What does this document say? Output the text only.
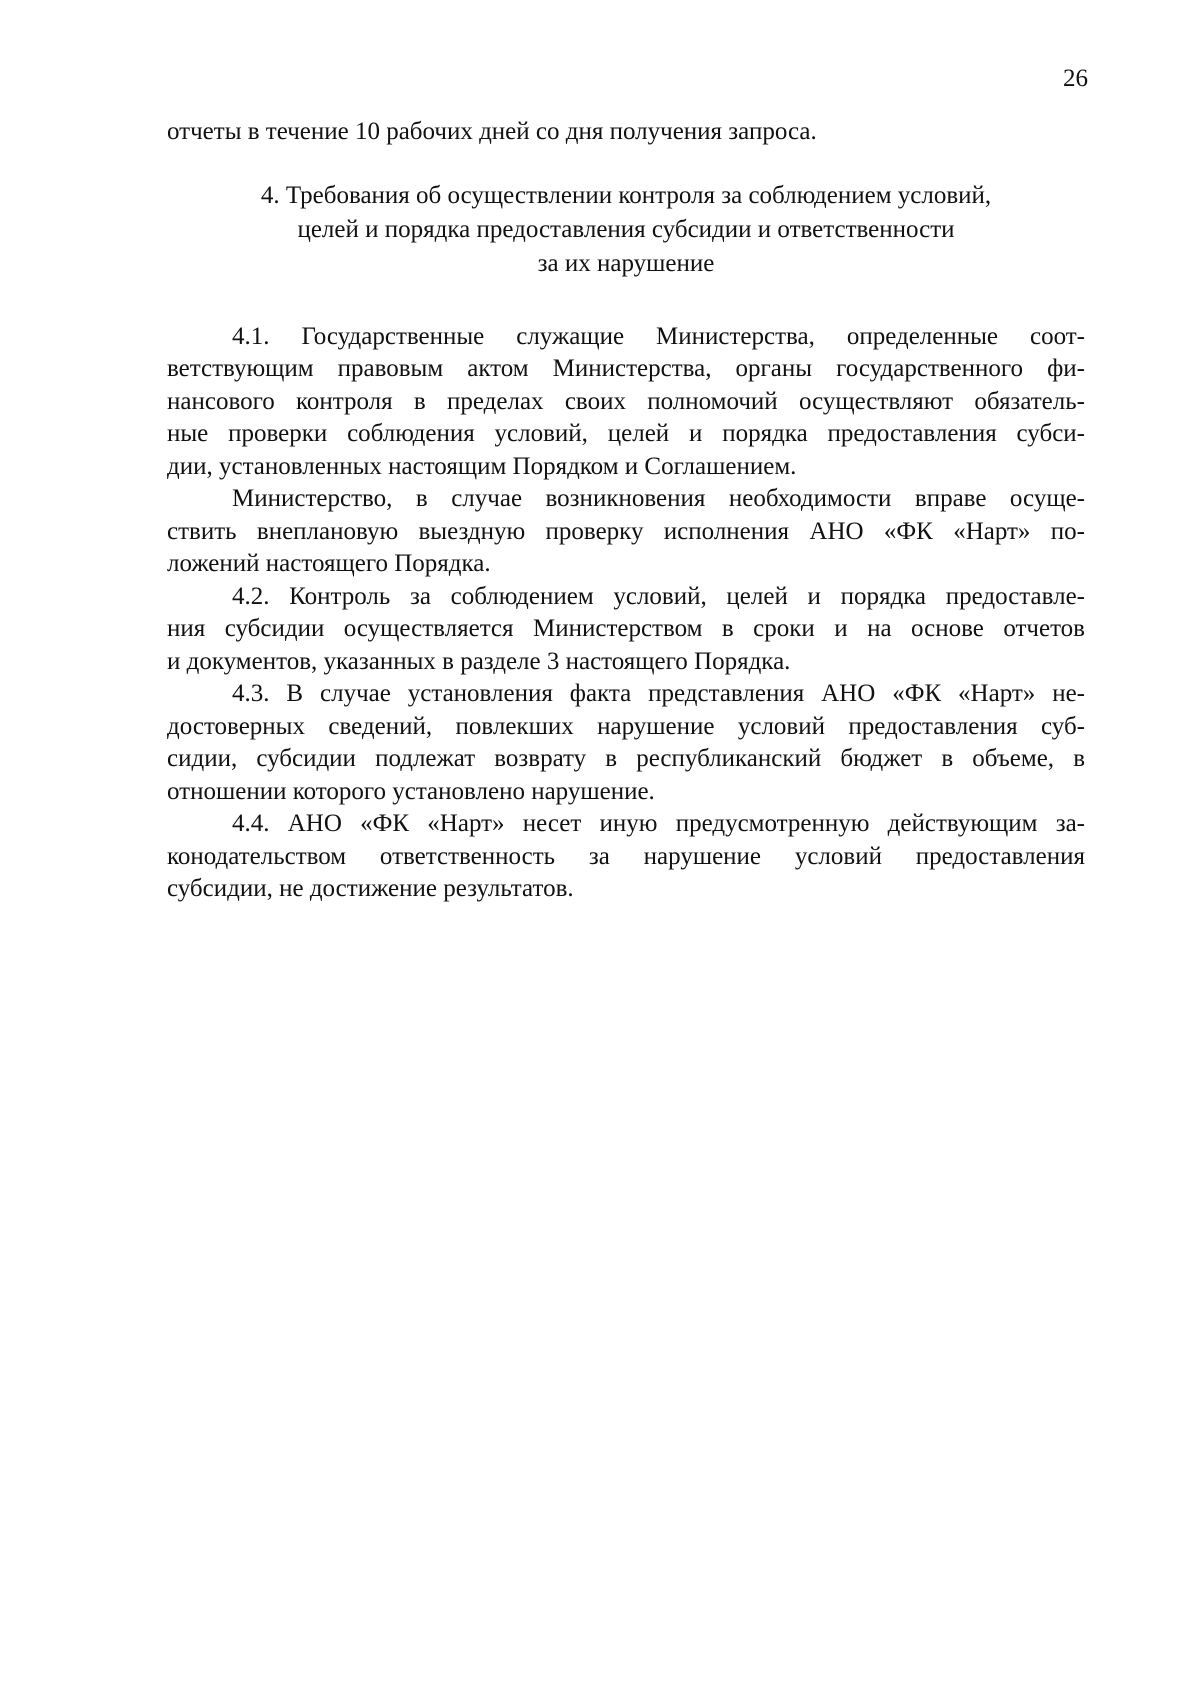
26

отчеты в течение 10 рабочих дней со дня получения запроса.

4. Требования об осуществлении контроля за соблюдением условий,
целей и порядка предоставления субсидии и ответственности
за их нарушение

4.1. Государственные служащие Министерства, определенные соот-
ветствующим правовым актом Министерства, органы государственного фи-
нансового контроля в пределах своих полномочий осуществляют обязатель-
ные проверки соблюдения условий, целей и порядка предоставления субси-
дии, установленных настоящим Порядком и Соглашением.

Министерство, в случае возникновения необходимости вправе осуще-
ствить внеплановую выездную проверку исполнения АНО «ФК «Нарт» по-
ложений настоящего Порядка.

4.2. Контроль за соблюдением условий, целей и порядка предоставле-
ния субсидии осуществляется Министерством в сроки и на основе отчетов
и документов, указанных в разделе 3 настоящего Порядка.

4.3. В случае установления факта представления АНО «ФК «Нарт» не-
достоверных сведений, повлекших нарушение условий предоставления суб-
сидии, субсидии подлежат возврату в республиканский бюджет в объеме, в
отношении которого установлено нарушение.

4.4. АНО «ФК «Нарт» несет иную предусмотренную действующим за-
конодательством ответственность за нарушение условий предоставления
субсидии, не достижение результатов.
